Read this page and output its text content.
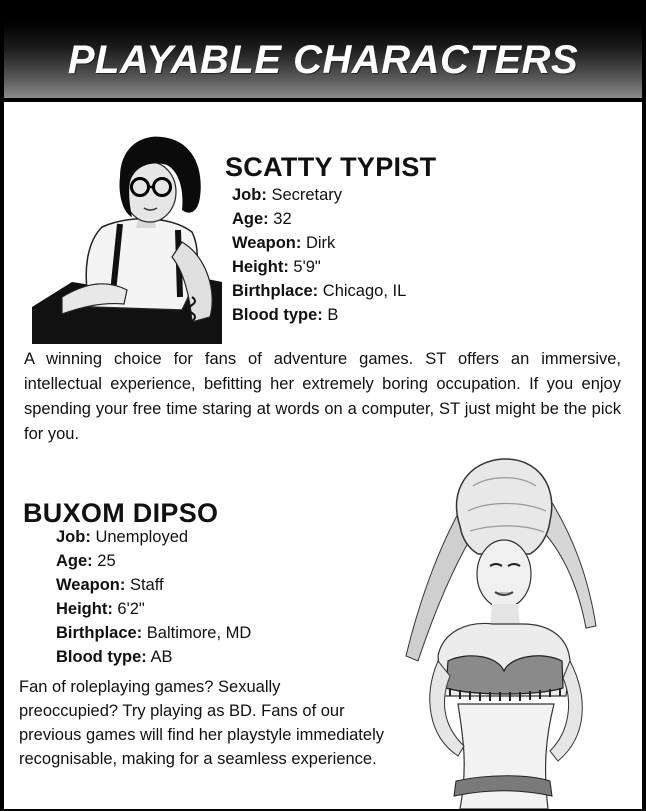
PLAYABLE CHARACTERS
SCATTY TYPIST
Job: Secretary
Age: 32
Weapon: Dirk
Height: 5'9"
Birthplace: Chicago, IL
Blood type: B

A winning choice for fans of adventure games. ST offers an immersive, intellectual experience, befitting her extremely boring occupation. If you enjoy spending your free time staring at words on a computer, ST just might be the pick for you.

BUXOM DIPSO
Job: Unemployed
Age: 25
Weapon: Staff
Height: 6'2"
Birthplace: Baltimore, MD
Blood type: AB

Fan of roleplaying games? Sexually preoccupied? Try playing as BD. Fans of our previous games will find her playstyle immediately recognisable, making for a seamless experience.
